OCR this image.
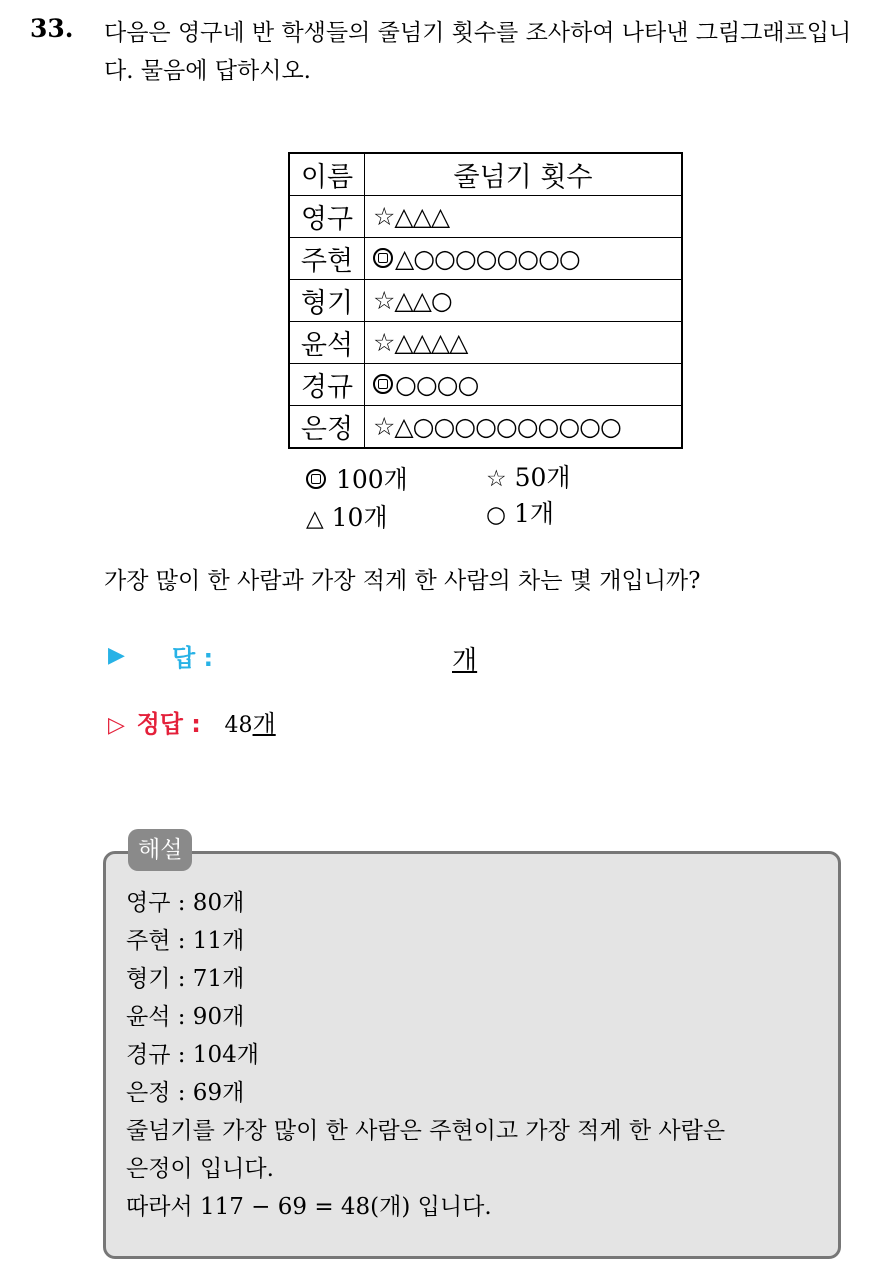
33. 다음은 영구네 반 학생들의 줄넘기 횟수를 조사하여 나타낸 그림그래프입니다. 물음에 답하시오.
이름	줄넘기 횟수
영구	☆△△△
주현	△○○○○○○○○
형기	☆△△○
윤석	☆△△△△
경규	○○○○
은정	☆△○○○○○○○○○○
100개	☆ 50개
△ 10개	○ 1개
가장 많이 한 사람과 가장 적게 한 사람의 차는 몇 개입니까?
▶ 답 :	개
▷ 정답 : 48개
해설
영구 : 80개
주현 : 11개
형기 : 71개
윤석 : 90개
경규 : 104개
은정 : 69개
줄넘기를 가장 많이 한 사람은 주현이고 가장 적게 한 사람은
은정이 입니다.
따라서 117 − 69 = 48(개) 입니다.
